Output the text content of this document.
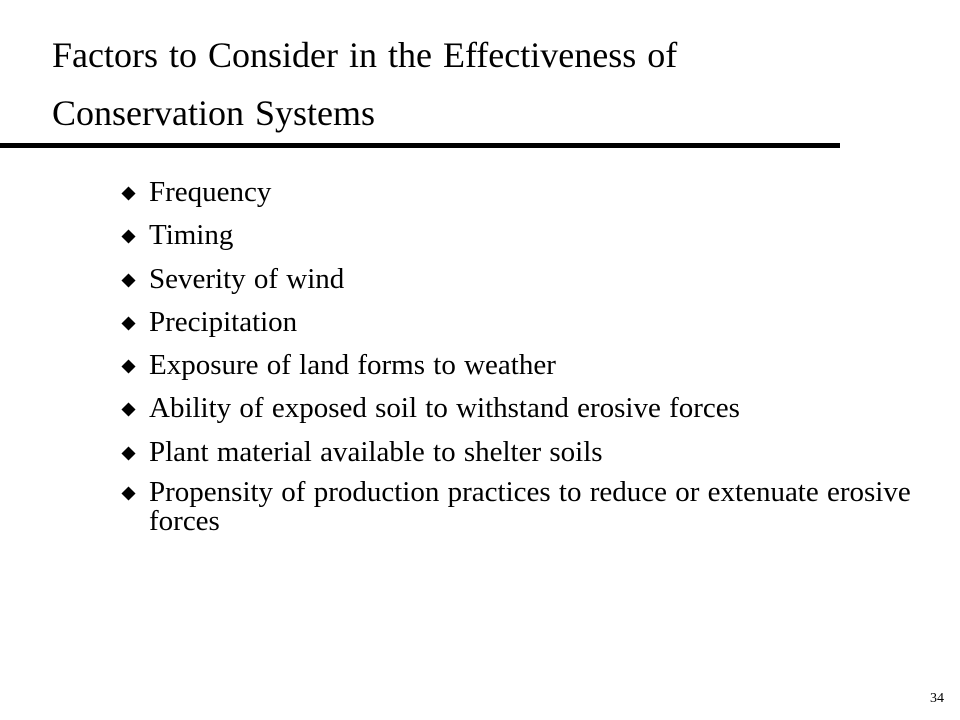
Factors to Consider in the Effectiveness of Conservation Systems
Frequency
Timing
Severity of wind
Precipitation
Exposure of land forms to weather
Ability of exposed soil to withstand erosive forces
Plant material available to shelter soils
Propensity of production practices to reduce or extenuate erosive forces
34
